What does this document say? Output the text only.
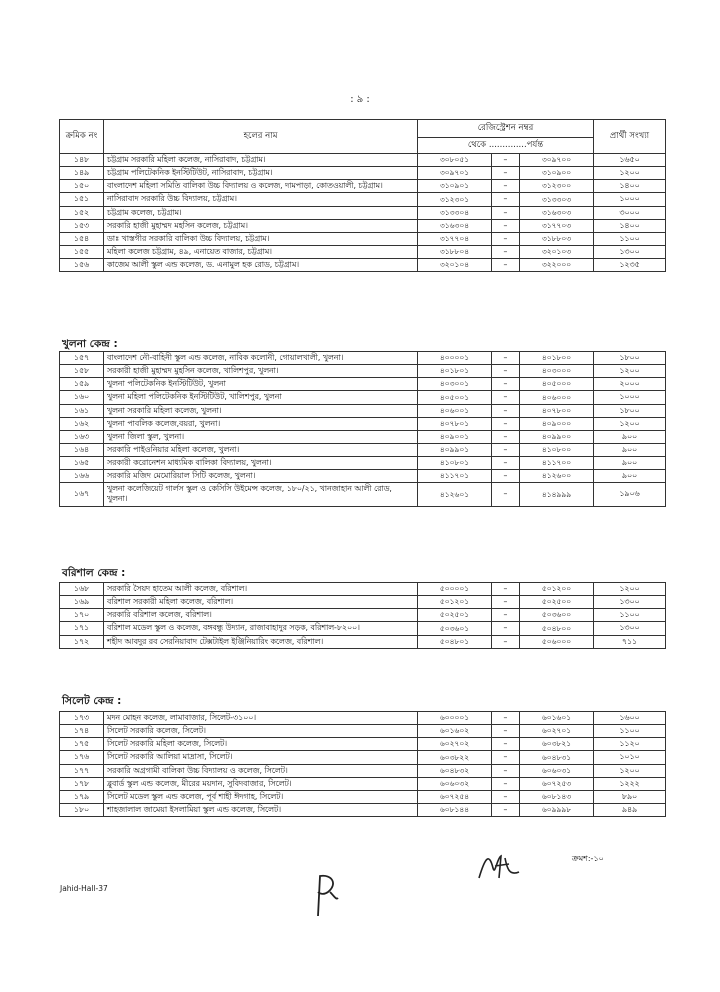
: ৯ :
ক্রমিক নং	হলের নাম	রেজিস্ট্রেশন নম্বর			প্রার্থী সংখ্যা
		থেকে ..............পর্যন্ত			
১৪৮	চট্টগ্রাম সরকারি মহিলা কলেজ, নাসিরাবাদ, চট্টগ্রাম।	৩০৮০৫১	–	৩০৯৭০০	১৬৫০
১৪৯	চট্টগ্রাম পলিটেকনিক ইনস্টিটিউট, নাসিরাবাদ, চট্টগ্রাম।	৩০৯৭০১	–	৩১০৯০০	১২০০
১৫০	বাংলাদেশ মহিলা সমিতি বালিকা উচ্চ বিদ্যালয় ও কলেজ, দামপাড়া, কোতওয়ালী, চট্টগ্রাম।	৩১০৯০১	–	৩১২৩০০	১৪০০
১৫১	নাসিরাবাদ সরকারি উচ্চ বিদ্যালয়, চট্টগ্রাম।	৩১২৩০১	–	৩১৩৩০৩	১০০০
১৫২	চট্টগ্রাম কলেজ, চট্টগ্রাম।	৩১৩৩০৪	–	৩১৬৩০৩	৩০০০
১৫৩	সরকারি হাজী মুহাম্মদ মহসিন কলেজ, চট্টগ্রাম।	৩১৬৩০৪	–	৩১৭৭০৩	১৪০০
১৫৪	ডাঃ খাস্তগীর সরকারি বালিকা উচ্চ বিদ্যালয়, চট্টগ্রাম।	৩১৭৭০৪	–	৩১৮৮০৩	১১০০
১৫৫	মহিলা কলেজ চট্টগ্রাম, ৪৯, এনায়েত বাজার, চট্টগ্রাম।	৩১৮৮০৪	–	৩২০১০৩	১৩০০
১৫৬	কাজেম আলী স্কুল এন্ড কলেজ, ড. এনামুল হক রোড, চট্টগ্রাম।	৩২০১০৪	–	৩২২০০০	১২৩৫
খুলনা কেন্দ্র :
১৫৭	বাংলাদেশ নৌ-বাহিনী স্কুল এন্ড কলেজ, নাবিক কলোনী, গোয়ালখালী, খুলনা।	৪০০০০১	–	৪০১৮০০	১৮০০
১৫৮	সরকারী হাজী মুহাম্মদ মুহসিন কলেজ, খালিশপুর, খুলনা।	৪০১৮০১	–	৪০৩০০০	১২০০
১৫৯	খুলনা পলিটেকনিক ইনস্টিটিউট, খুলনা	৪০৩০০১	–	৪০৫০০০	২০০০
১৬০	খুলনা মহিলা পলিটেকনিক ইনস্টিটিউট, খালিশপুর, খুলনা	৪০৫০০১	–	৪০৬০০০	১০০০
১৬১	খুলনা সরকারি মহিলা কলেজ, খুলনা।	৪০৬০০১	–	৪০৭৮০০	১৮০০
১৬২	খুলনা পাবলিক কলেজ,বয়রা, খুলনা।	৪০৭৮০১	–	৪০৯০০০	১২০০
১৬৩	খুলনা জিলা স্কুল, খুলনা।	৪০৯০০১	–	৪০৯৯০০	৯০০
১৬৪	সরকারি পাইওনিয়ার মহিলা কলেজ, খুলনা।	৪০৯৯০১	–	৪১০৮০০	৯০০
১৬৫	সরকারী করোনেশন মাধ্যমিক বালিকা বিদ্যালয়, খুলনা।	৪১০৮০১	–	৪১১৭০০	৯০০
১৬৬	সরকারি মজিদ মেমোরিয়াল সিটি কলেজ, খুলনা।	৪১১৭০১	–	৪১২৬০০	৯০০
১৬৭	খুলনা কলেজিয়েট গার্লস স্কুল ও কেসিসি উইমেন্স কলেজ, ১৮০/২১, খানজাহান আলী রোড, খুলনা।	৪১২৬০১	–	৪১৪৯৯৯	১৯০৬
বরিশাল কেন্দ্র :
১৬৮	সরকারি সৈয়দ হাতেম আলী কলেজ, বরিশাল।	৫০০০০১	–	৫০১২০০	১২০০
১৬৯	বরিশাল সরকারী মহিলা কলেজ, বরিশাল।	৫০১২০১	–	৫০২৫০০	১৩০০
১৭০	সরকারি বরিশাল কলেজ, বরিশাল।	৫০২৫০১	–	৫০৩৬০০	১১০০
১৭১	বরিশাল মডেল স্কুল ও কলেজ, বঙ্গবন্ধু উদ্যান, রাজাবাহাদুর সড়ক, বরিশাল-৮২০০।	৫০৩৬০১	–	৫০৪৮০০	১৩০০
১৭২	শহীদ আবদুর রব সেরনিয়াবাদ টেক্সটাইল ইঞ্জিনিয়ারিং কলেজ, বরিশাল।	৫০৪৮০১	–	৫০৬০০০	৭১১
সিলেট কেন্দ্র :
১৭৩	মদন মোহন কলেজ, লামাবাজার, সিলেট-৩১০০।	৬০০০০১	–	৬০১৬০১	১৬০০
১৭৪	সিলেট সরকারি কলেজ, সিলেট।	৬০১৬০২	–	৬০২৭০১	১১০০
১৭৫	সিলেট সরকারি মহিলা কলেজ, সিলেট।	৬০২৭০২	–	৬০৩৮২১	১১২০
১৭৬	সিলেট সরকারি আলিয়া মাদ্রাসা, সিলেট।	৬০৩৮২২	–	৬০৪৮৩১	১০১০
১৭৭	সরকারি অগ্রগামী বালিকা উচ্চ বিদ্যালয় ও কলেজ, সিলেট।	৬০৪৮৩২	–	৬০৬০৩১	১২০০
১৭৮	ব্লুবার্ড স্কুল এন্ড কলেজ, মীরের ময়দান, সুবিদবাজার, সিলেট।	৬০৬০৩২	–	৬০৭২৫৩	১২২২
১৭৯	সিলেট মডেল স্কুল এন্ড কলেজ, পূর্ব শাহী ঈদগাহ, সিলেট।	৬০৭২৫৪	–	৬০৮১৪৩	৮৯০
১৮০	শাহজালাল জামেয়া ইসলামিয়া স্কুল এন্ড কলেজ, সিলেট।	৬০৮১৪৪	–	৬০৯৯৯৮	৯৪৯
ক্রমশ:-১০
Jahid-Hall-37
